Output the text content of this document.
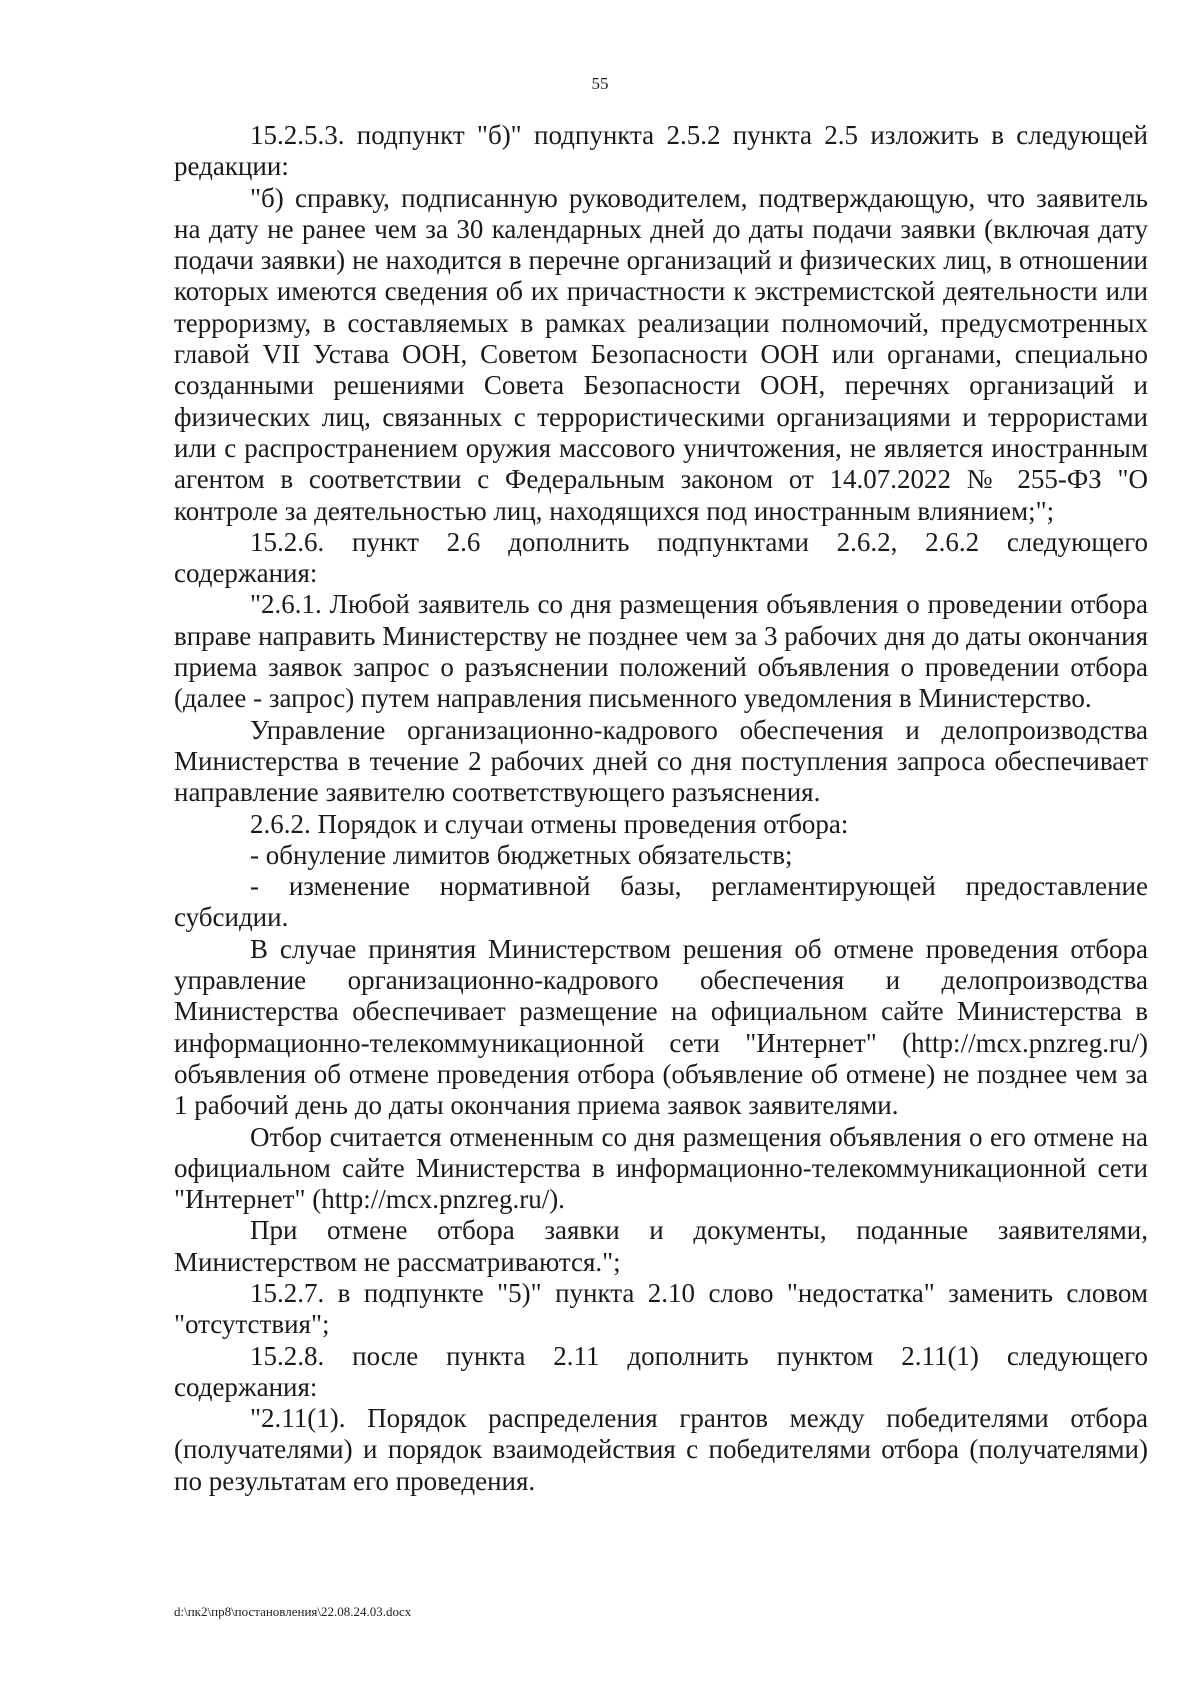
55

15.2.5.3. подпункт "б)" подпункта 2.5.2 пункта 2.5 изложить в следующей редакции:

"б) справку, подписанную руководителем, подтверждающую, что заявитель на дату не ранее чем за 30 календарных дней до даты подачи заявки (включая дату подачи заявки) не находится в перечне организаций и физических лиц, в отношении которых имеются сведения об их причастности к экстремистской деятельности или терроризму, в составляемых в рамках реализации полномочий, предусмотренных главой VII Устава ООН, Советом Безопасности ООН или органами, специально созданными решениями Совета Безопасности ООН, перечнях организаций и физических лиц, связанных с террористическими организациями и террористами или с распространением оружия массового уничтожения, не является иностранным агентом в соответствии с Федеральным законом от 14.07.2022 № 255-ФЗ "О контроле за деятельностью лиц, находящихся под иностранным влиянием;";

15.2.6. пункт 2.6 дополнить подпунктами 2.6.2, 2.6.2 следующего содержания:

"2.6.1. Любой заявитель со дня размещения объявления о проведении отбора вправе направить Министерству не позднее чем за 3 рабочих дня до даты окончания приема заявок запрос о разъяснении положений объявления о проведении отбора (далее - запрос) путем направления письменного уведомления в Министерство.

Управление организационно-кадрового обеспечения и делопроизводства Министерства в течение 2 рабочих дней со дня поступления запроса обеспечивает направление заявителю соответствующего разъяснения.

2.6.2. Порядок и случаи отмены проведения отбора:

- обнуление лимитов бюджетных обязательств;

- изменение нормативной базы, регламентирующей предоставление субсидии.

В случае принятия Министерством решения об отмене проведения отбора управление организационно-кадрового обеспечения и делопроизводства Министерства обеспечивает размещение на официальном сайте Министерства в информационно-телекоммуникационной сети "Интернет" (http://mcx.pnzreg.ru/) объявления об отмене проведения отбора (объявление об отмене) не позднее чем за 1 рабочий день до даты окончания приема заявок заявителями.

Отбор считается отмененным со дня размещения объявления о его отмене на официальном сайте Министерства в информационно-телекоммуникационной сети "Интернет" (http://mcx.pnzreg.ru/).

При отмене отбора заявки и документы, поданные заявителями, Министерством не рассматриваются.";

15.2.7. в подпункте "5)" пункта 2.10 слово "недостатка" заменить словом "отсутствия";

15.2.8. после пункта 2.11 дополнить пунктом 2.11(1) следующего содержания:

"2.11(1). Порядок распределения грантов между победителями отбора (получателями) и порядок взаимодействия с победителями отбора (получателями) по результатам его проведения.

d:\пк2\пр8\постановления\22.08.24.03.docx
